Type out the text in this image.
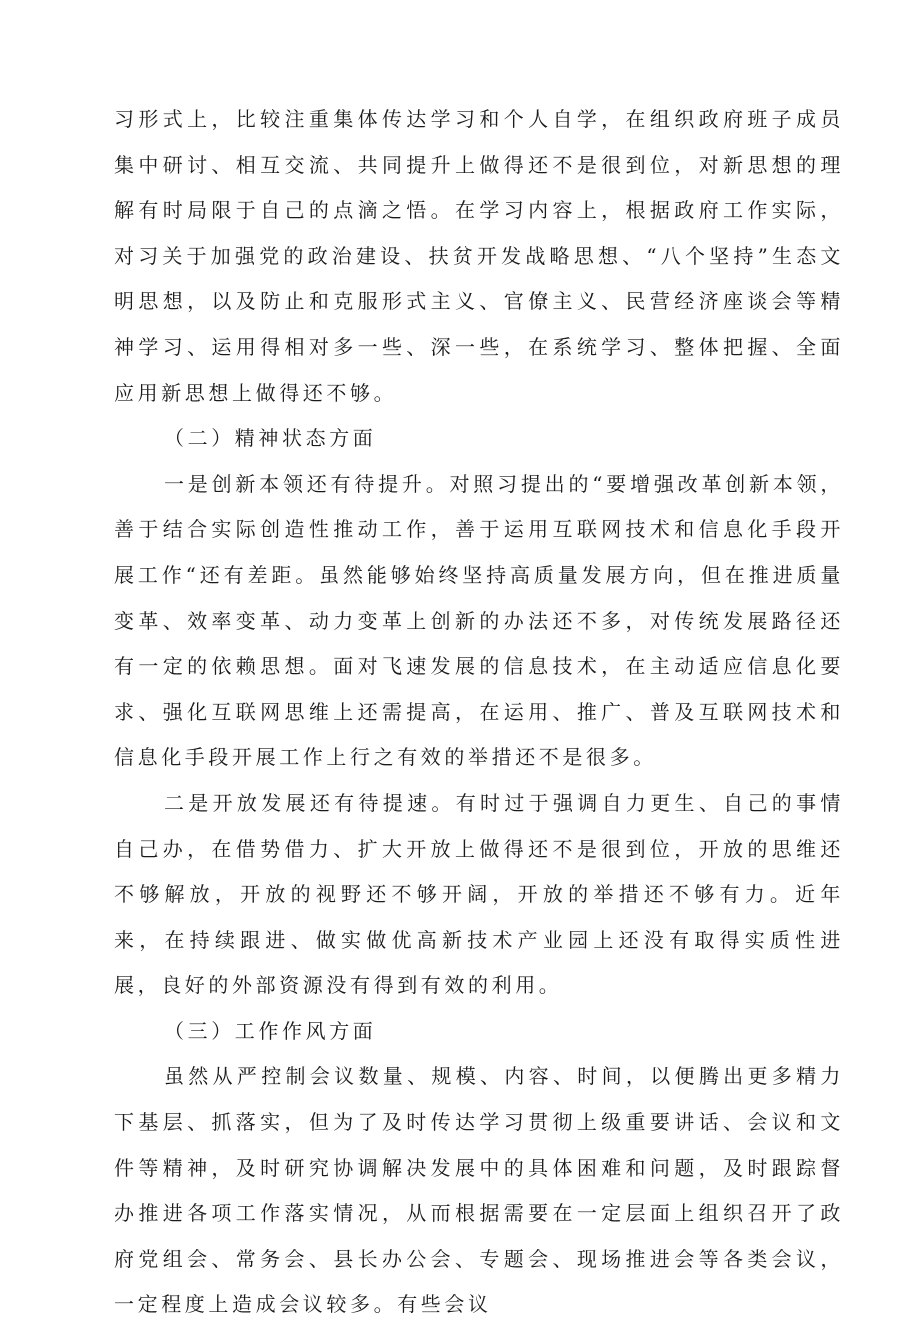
习形式上，比较注重集体传达学习和个人自学，在组织政府班子成员集中研讨、相互交流、共同提升上做得还不是很到位，对新思想的理解有时局限于自己的点滴之悟。在学习内容上，根据政府工作实际，对习关于加强党的政治建设、扶贫开发战略思想、“八个坚持”生态文明思想，以及防止和克服形式主义、官僚主义、民营经济座谈会等精神学习、运用得相对多一些、深一些，在系统学习、整体把握、全面应用新思想上做得还不够。

（二）精神状态方面

一是创新本领还有待提升。对照习提出的“要增强改革创新本领，善于结合实际创造性推动工作，善于运用互联网技术和信息化手段开展工作“还有差距。虽然能够始终坚持高质量发展方向，但在推进质量变革、效率变革、动力变革上创新的办法还不多，对传统发展路径还有一定的依赖思想。面对飞速发展的信息技术，在主动适应信息化要求、强化互联网思维上还需提高，在运用、推广、普及互联网技术和信息化手段开展工作上行之有效的举措还不是很多。

二是开放发展还有待提速。有时过于强调自力更生、自己的事情自己办，在借势借力、扩大开放上做得还不是很到位，开放的思维还不够解放，开放的视野还不够开阔，开放的举措还不够有力。近年来，在持续跟进、做实做优高新技术产业园上还没有取得实质性进展，良好的外部资源没有得到有效的利用。

（三）工作作风方面

虽然从严控制会议数量、规模、内容、时间，以便腾出更多精力下基层、抓落实，但为了及时传达学习贯彻上级重要讲话、会议和文件等精神，及时研究协调解决发展中的具体困难和问题，及时跟踪督办推进各项工作落实情况，从而根据需要在一定层面上组织召开了政府党组会、常务会、县长办公会、专题会、现场推进会等各类会议，一定程度上造成会议较多。有些会议
